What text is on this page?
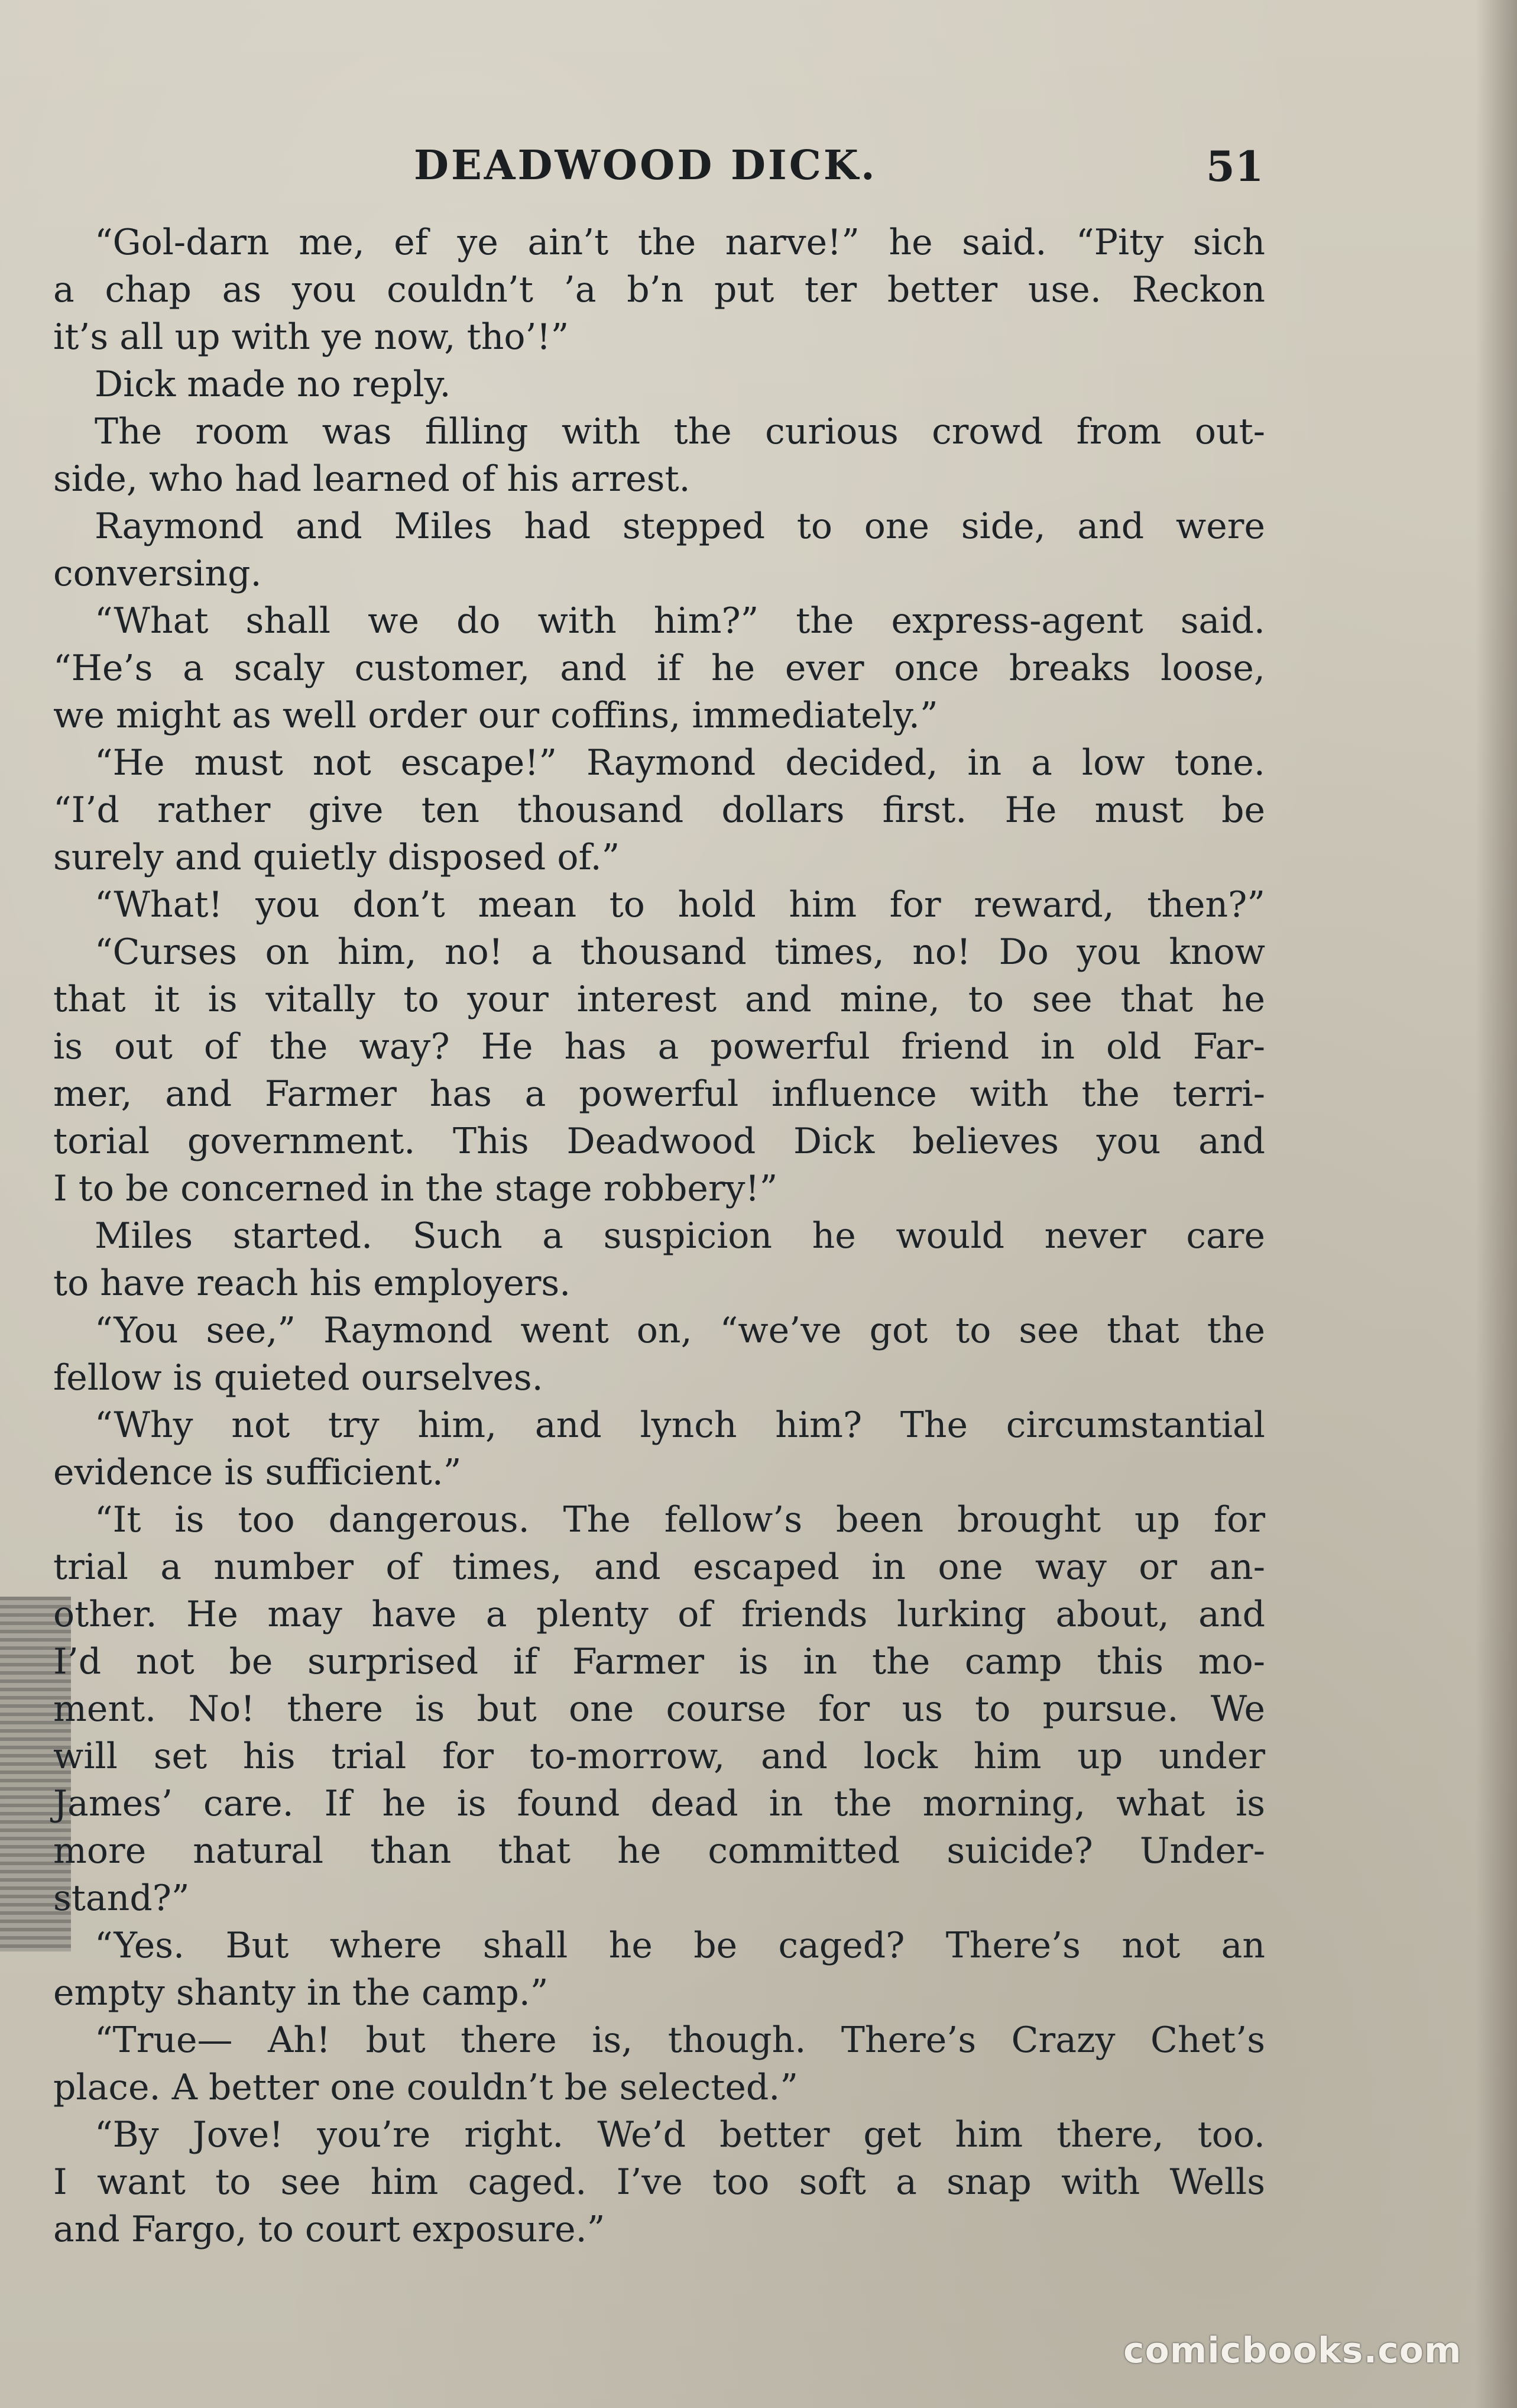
DEADWOOD DICK.	51
“Gol-darn me, ef ye ain’t the narve!” he said. “Pity sich
a chap as you couldn’t ’a b’n put ter better use. Reckon
it’s all up with ye now, tho’!”
Dick made no reply.
The room was filling with the curious crowd from out-
side, who had learned of his arrest.
Raymond and Miles had stepped to one side, and were
conversing.
“What shall we do with him?” the express-agent said.
“He’s a scaly customer, and if he ever once breaks loose,
we might as well order our coffins, immediately.”
“He must not escape!” Raymond decided, in a low tone.
“I’d rather give ten thousand dollars first. He must be
surely and quietly disposed of.”
“What! you don’t mean to hold him for reward, then?”
“Curses on him, no! a thousand times, no! Do you know
that it is vitally to your interest and mine, to see that he
is out of the way? He has a powerful friend in old Far-
mer, and Farmer has a powerful influence with the terri-
torial government. This Deadwood Dick believes you and
I to be concerned in the stage robbery!”
Miles started. Such a suspicion he would never care
to have reach his employers.
“You see,” Raymond went on, “we’ve got to see that the
fellow is quieted ourselves.
“Why not try him, and lynch him? The circumstantial
evidence is sufficient.”
“It is too dangerous. The fellow’s been brought up for
trial a number of times, and escaped in one way or an-
other. He may have a plenty of friends lurking about, and
I’d not be surprised if Farmer is in the camp this mo-
ment. No! there is but one course for us to pursue. We
will set his trial for to-morrow, and lock him up under
James’ care. If he is found dead in the morning, what is
more natural than that he committed suicide? Under-
stand?”
“Yes. But where shall he be caged? There’s not an
empty shanty in the camp.”
“True— Ah! but there is, though. There’s Crazy Chet’s
place. A better one couldn’t be selected.”
“By Jove! you’re right. We’d better get him there, too.
I want to see him caged. I’ve too soft a snap with Wells
and Fargo, to court exposure.”
comicbooks.com
